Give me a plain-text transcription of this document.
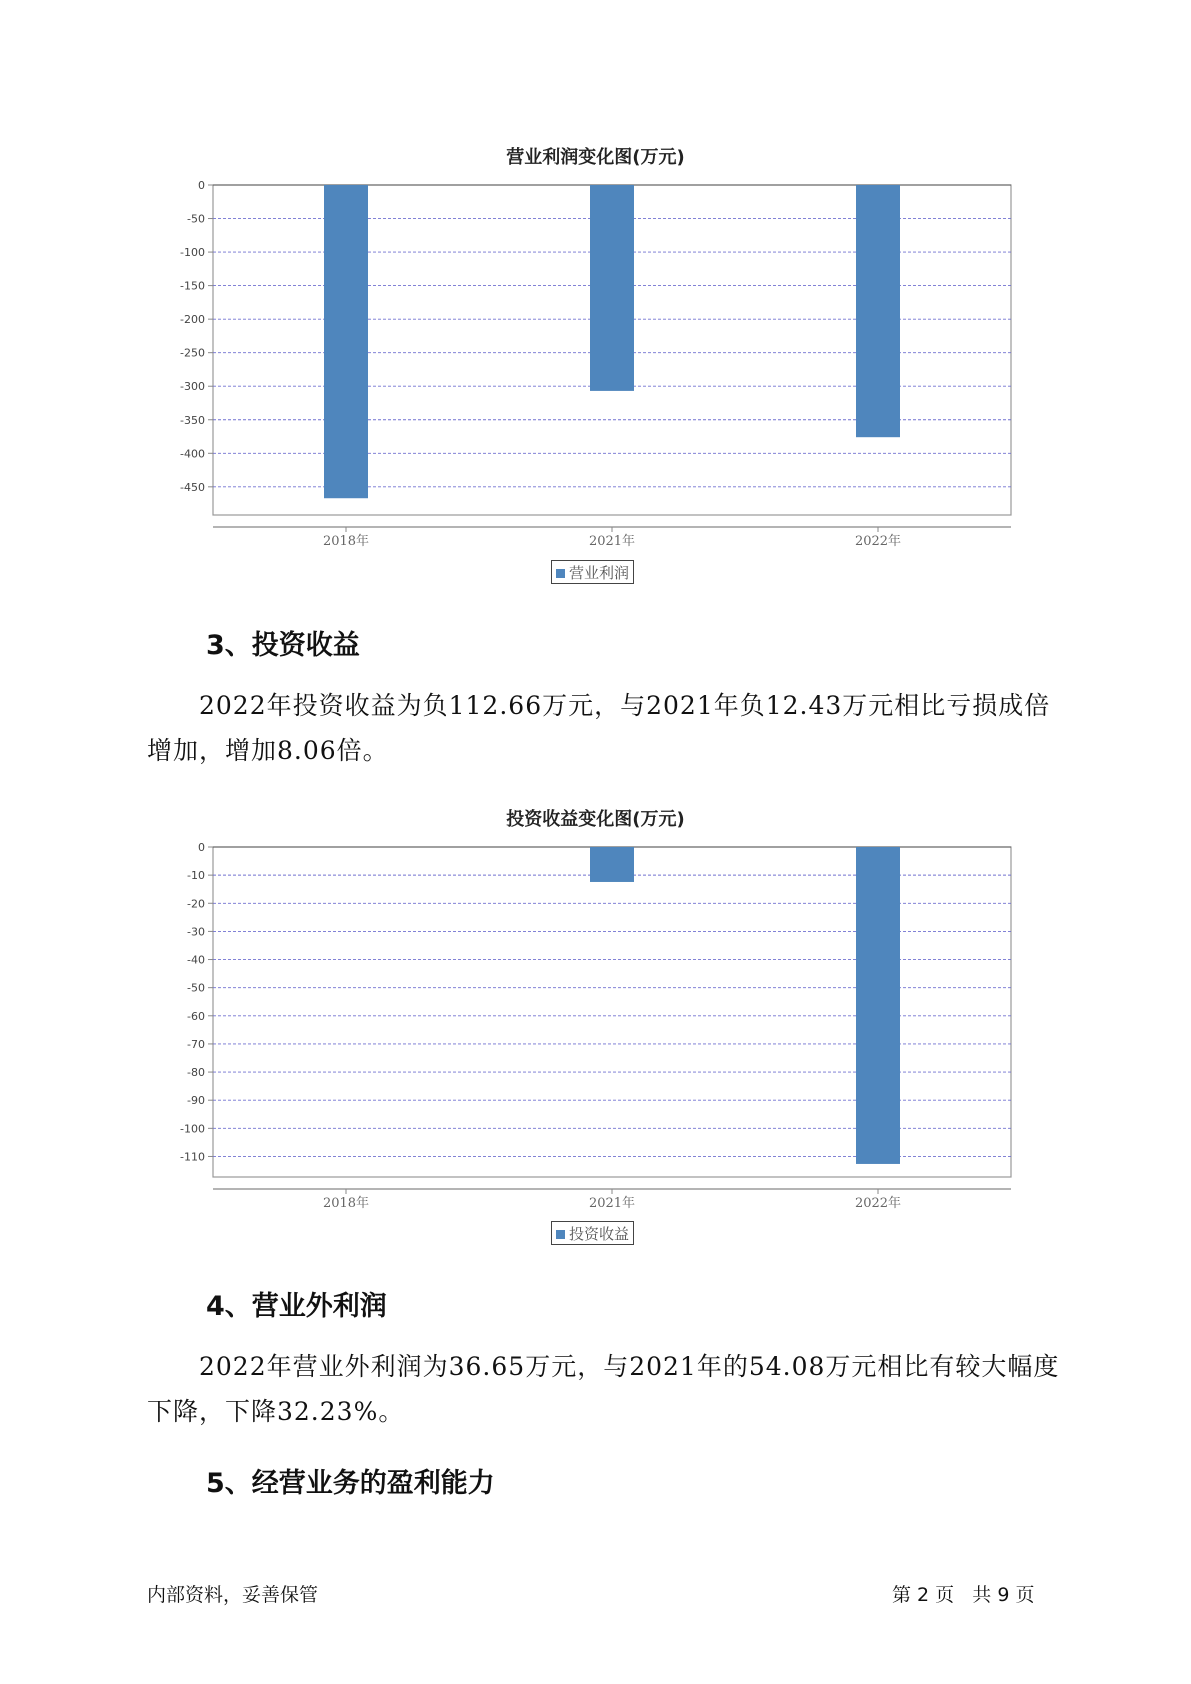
营业利润变化图(万元)
0
-50
-100
-150
-200
-250
-300
-350
-400
-450
2018年	2021年	2022年
营业利润
3、投资收益
2022年投资收益为负112.66万元，与2021年负12.43万元相比亏损成倍增加，增加8.06倍。
投资收益变化图(万元)
0
-10
-20
-30
-40
-50
-60
-70
-80
-90
-100
-110
2018年	2021年	2022年
投资收益
4、营业外利润
2022年营业外利润为36.65万元，与2021年的54.08万元相比有较大幅度下降，下降32.23%。
5、经营业务的盈利能力
内部资料，妥善保管	第 2 页   共 9 页
